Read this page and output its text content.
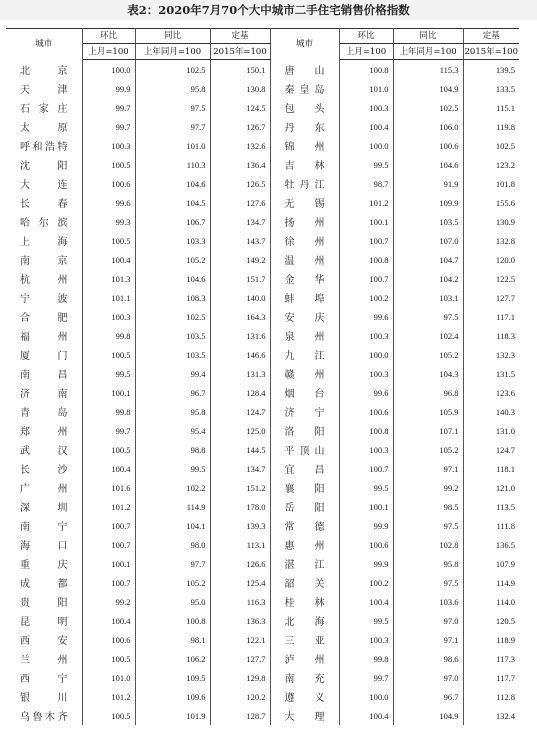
表2：2020年7月70个大中城市二手住宅销售价格指数
城市	环比	同比	定基	城市	环比	同比	定基
	上月=100	上年同月=100	2015年=100		上月=100	上年同月=100	2015年=100
北京	100.0	102.5	150.1	唐山	100.8	115.3	139.5
天津	99.9	95.8	130.8	秦皇岛	101.0	104.9	133.5
石家庄	99.7	97.5	124.5	包头	100.3	102.5	115.1
太原	99.7	97.7	126.7	丹东	100.4	106.0	119.8
呼和浩特	100.3	101.0	132.6	锦州	100.0	100.6	102.5
沈阳	100.5	110.3	136.4	吉林	99.5	104.6	123.2
大连	100.6	104.6	126.5	牡丹江	98.7	91.9	101.8
长春	99.6	104.5	127.6	无锡	101.2	109.9	155.6
哈尔滨	99.3	106.7	134.7	扬州	100.1	103.5	130.9
上海	100.5	103.3	143.7	徐州	100.7	107.0	132.8
南京	100.4	105.2	149.2	温州	100.8	104.7	120.0
杭州	101.3	104.6	151.7	金华	100.7	104.2	122.5
宁波	101.1	108.3	140.0	蚌埠	100.2	103.1	127.7
合肥	100.3	102.5	164.3	安庆	99.6	97.5	117.1
福州	99.8	103.5	131.6	泉州	100.3	102.4	118.3
厦门	100.5	103.5	146.6	九江	100.0	105.2	132.3
南昌	99.5	99.4	131.3	赣州	100.3	104.3	131.5
济南	100.1	96.7	128.4	烟台	99.6	96.8	123.6
青岛	99.8	95.8	124.7	济宁	100.6	105.9	140.3
郑州	99.7	95.4	125.0	洛阳	100.8	107.1	131.0
武汉	100.5	98.8	144.5	平顶山	100.3	105.2	124.7
长沙	100.4	99.5	134.7	宜昌	100.7	97.1	118.1
广州	101.6	102.2	151.2	襄阳	99.5	99.2	121.0
深圳	101.2	114.9	178.0	岳阳	100.1	98.5	113.5
南宁	100.7	104.1	139.3	常德	99.9	97.5	111.8
海口	100.7	98.0	113.1	惠州	100.6	102.8	136.5
重庆	100.1	97.7	126.6	湛江	99.9	95.8	107.9
成都	100.7	105.2	125.4	韶关	100.2	97.5	114.9
贵阳	99.2	95.0	116.3	桂林	100.4	103.6	114.0
昆明	100.4	100.8	136.3	北海	99.5	97.0	120.5
西安	100.6	98.1	122.1	三亚	100.3	97.1	118.9
兰州	100.5	106.2	127.7	泸州	99.8	98.6	117.3
西宁	101.0	109.5	129.8	南充	99.7	97.0	117.7
银川	101.2	109.6	120.2	遵义	100.0	96.7	112.8
乌鲁木齐	100.5	101.9	128.7	大理	100.4	104.9	132.4
